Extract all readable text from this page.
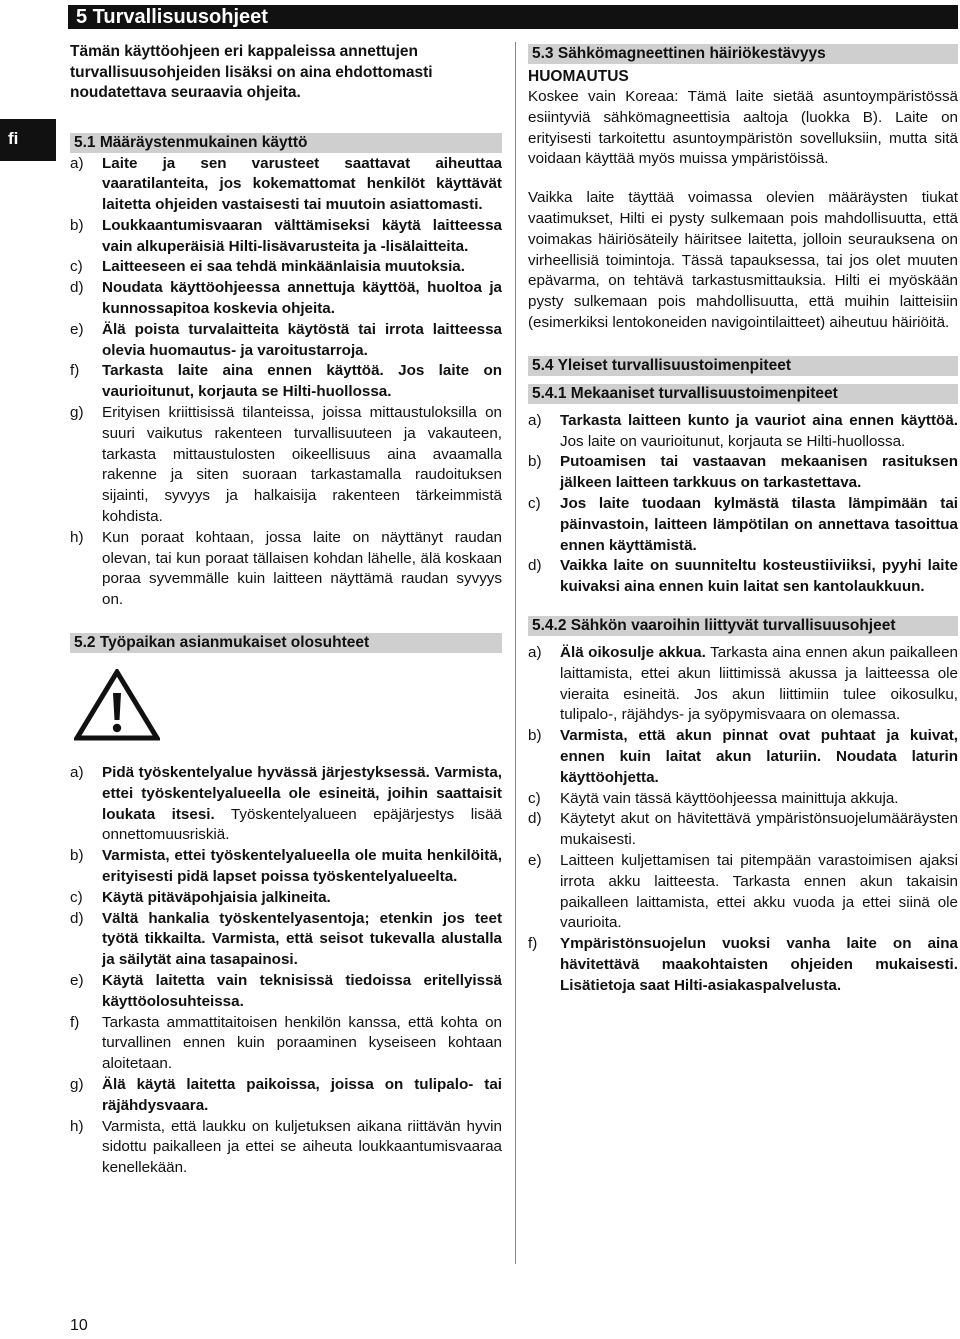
5 Turvallisuusohjeet
fi

Tämän käyttöohjeen eri kappaleissa annettujen turvallisuusohjeiden lisäksi on aina ehdottomasti noudatettava seuraavia ohjeita.

5.1 Määräystenmukainen käyttö
a)	Laite ja sen varusteet saattavat aiheuttaa vaaratilanteita, jos kokemattomat henkilöt käyttävät laitetta ohjeiden vastaisesti tai muutoin asiattomasti.
b)	Loukkaantumisvaaran välttämiseksi käytä laitteessa vain alkuperäisiä Hilti-lisävarusteita ja -lisälaitteita.
c)	Laitteeseen ei saa tehdä minkäänlaisia muutoksia.
d)	Noudata käyttöohjeessa annettuja käyttöä, huoltoa ja kunnossapitoa koskevia ohjeita.
e)	Älä poista turvalaitteita käytöstä tai irrota laitteessa olevia huomautus- ja varoitustarroja.
f)	Tarkasta laite aina ennen käyttöä. Jos laite on vaurioitunut, korjauta se Hilti-huollossa.
g)	Erityisen kriittisissä tilanteissa, joissa mittaustuloksilla on suuri vaikutus rakenteen turvallisuuteen ja vakauteen, tarkasta mittaustulosten oikeellisuus aina avaamalla rakenne ja siten suoraan tarkastamalla raudoituksen sijainti, syvyys ja halkaisija rakenteen tärkeimmistä kohdista.
h)	Kun poraat kohtaan, jossa laite on näyttänyt raudan olevan, tai kun poraat tällaisen kohdan lähelle, älä koskaan poraa syvemmälle kuin laitteen näyttämä raudan syvyys on.
5.2 Työpaikan asianmukaiset olosuhteet
a)	Pidä työskentelyalue hyvässä järjestyksessä. Varmista, ettei työskentelyalueella ole esineitä, joihin saattaisit loukata itsesi. Työskentelyalueen epäjärjestys lisää onnettomuusriskiä.
b)	Varmista, ettei työskentelyalueella ole muita henkilöitä, erityisesti pidä lapset poissa työskentelyalueelta.
c)	Käytä pitäväpohjaisia jalkineita.
d)	Vältä hankalia työskentelyasentoja; etenkin jos teet työtä tikkailta. Varmista, että seisot tukevalla alustalla ja säilytät aina tasapainosi.
e)	Käytä laitetta vain teknisissä tiedoissa eritellyissä käyttöolosuhteissa.
f)	Tarkasta ammattitaitoisen henkilön kanssa, että kohta on turvallinen ennen kuin poraaminen kyseiseen kohtaan aloitetaan.
g)	Älä käytä laitetta paikoissa, joissa on tulipalo- tai räjähdysvaara.
h)	Varmista, että laukku on kuljetuksen aikana riittävän hyvin sidottu paikalleen ja ettei se aiheuta loukkaantumisvaaraa kenellekään.
5.3 Sähkömagneettinen häiriökestävyys
HUOMAUTUS

Koskee vain Koreaa: Tämä laite sietää asuntoympäristössä esiintyviä sähkömagneettisia aaltoja (luokka B). Laite on erityisesti tarkoitettu asuntoympäristön sovelluksiin, mutta sitä voidaan käyttää myös muissa ympäristöissä.

Vaikka laite täyttää voimassa olevien määräysten tiukat vaatimukset, Hilti ei pysty sulkemaan pois mahdollisuutta, että voimakas häiriösäteily häiritsee laitetta, jolloin seurauksena on virheellisiä toimintoja. Tässä tapauksessa, tai jos olet muuten epävarma, on tehtävä tarkastusmittauksia. Hilti ei myöskään pysty sulkemaan pois mahdollisuutta, että muihin laitteisiin (esimerkiksi lentokoneiden navigointilaitteet) aiheutuu häiriöitä.

5.4 Yleiset turvallisuustoimenpiteet
5.4.1 Mekaaniset turvallisuustoimenpiteet
a)	Tarkasta laitteen kunto ja vauriot aina ennen käyttöä. Jos laite on vaurioitunut, korjauta se Hilti-huollossa.
b)	Putoamisen tai vastaavan mekaanisen rasituksen jälkeen laitteen tarkkuus on tarkastettava.
c)	Jos laite tuodaan kylmästä tilasta lämpimään tai päinvastoin, laitteen lämpötilan on annettava tasoittua ennen käyttämistä.
d)	Vaikka laite on suunniteltu kosteustiiviiksi, pyyhi laite kuivaksi aina ennen kuin laitat sen kantolaukkuun.
5.4.2 Sähkön vaaroihin liittyvät turvallisuusohjeet
a)	Älä oikosulje akkua. Tarkasta aina ennen akun paikalleen laittamista, ettei akun liittimissä akussa ja laitteessa ole vieraita esineitä. Jos akun liittimiin tulee oikosulku, tulipalo-, räjähdys- ja syöpymisvaara on olemassa.
b)	Varmista, että akun pinnat ovat puhtaat ja kuivat, ennen kuin laitat akun laturiin. Noudata laturin käyttöohjetta.
c)	Käytä vain tässä käyttöohjeessa mainittuja akkuja.
d)	Käytetyt akut on hävitettävä ympäristönsuojelumääräysten mukaisesti.
e)	Laitteen kuljettamisen tai pitempään varastoimisen ajaksi irrota akku laitteesta. Tarkasta ennen akun takaisin paikalleen laittamista, ettei akku vuoda ja ettei siinä ole vaurioita.
f)	Ympäristönsuojelun vuoksi vanha laite on aina hävitettävä maakohtaisten ohjeiden mukaisesti. Lisätietoja saat Hilti-asiakaspalvelusta.
10
